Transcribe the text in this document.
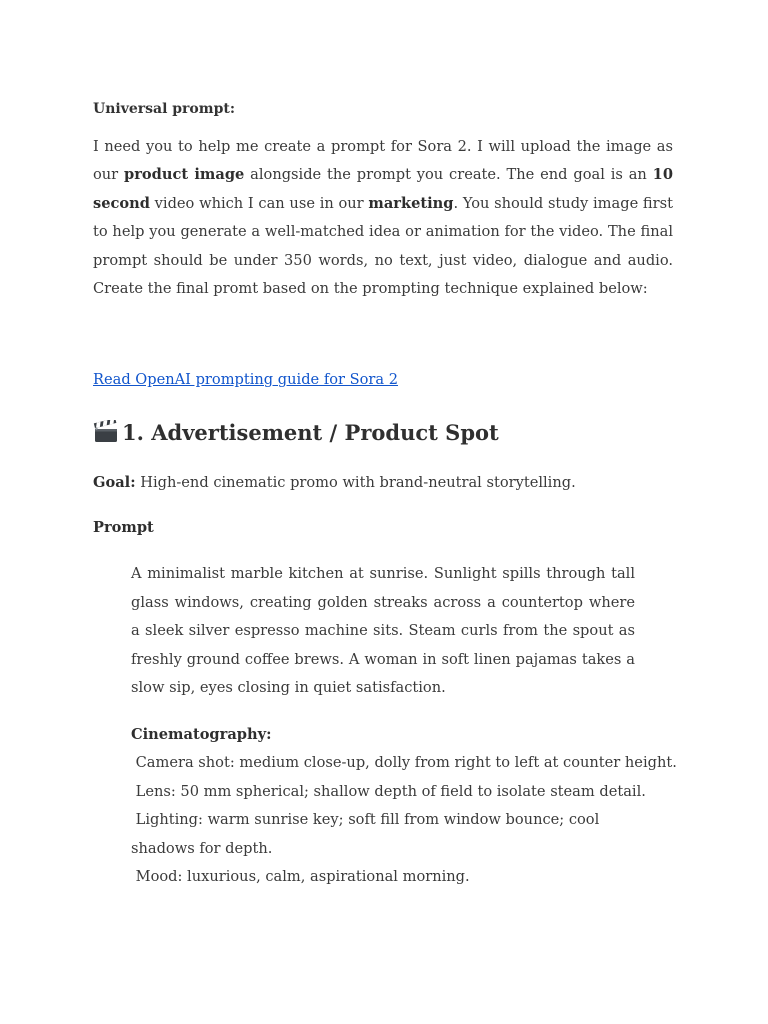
Universal prompt:

I need you to help me create a prompt for Sora 2. I will upload the image as our product image alongside the prompt you create. The end goal is an 10 second video which I can use in our marketing. You should study image first to help you generate a well-matched idea or animation for the video. The final prompt should be under 350 words, no text, just video, dialogue and audio. Create the final promt based on the prompting technique explained below:

Read OpenAI prompting guide for Sora 2
1. Advertisement / Product Spot
Goal: High-end cinematic promo with brand-neutral storytelling.
Prompt

A minimalist marble kitchen at sunrise. Sunlight spills through tall glass windows, creating golden streaks across a countertop where a sleek silver espresso machine sits. Steam curls from the spout as freshly ground coffee brews. A woman in soft linen pajamas takes a slow sip, eyes closing in quiet satisfaction.

Cinematography:

Camera shot: medium close-up, dolly from right to left at counter height.

Lens: 50 mm spherical; shallow depth of field to isolate steam detail.

Lighting: warm sunrise key; soft fill from window bounce; cool shadows for depth.

Mood: luxurious, calm, aspirational morning.
